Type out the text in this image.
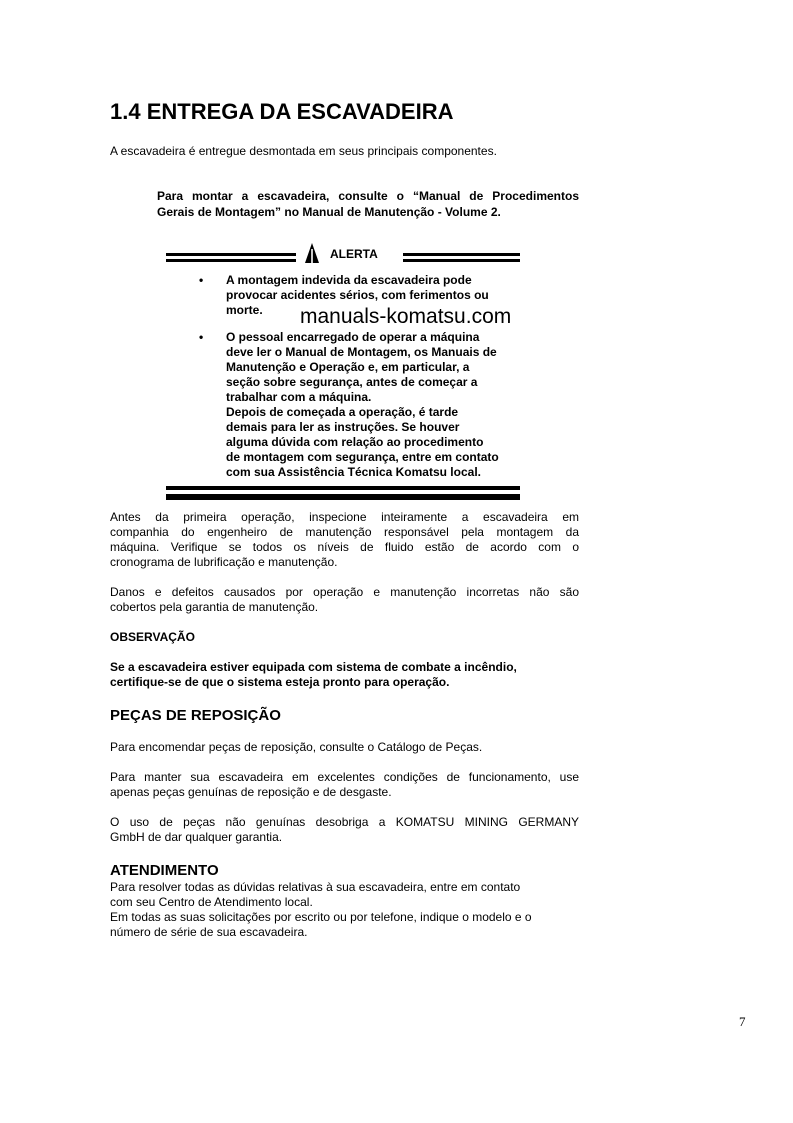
1.4 ENTREGA DA ESCAVADEIRA
A escavadeira é entregue desmontada em seus principais componentes.
Para montar a escavadeira, consulte o “Manual de Procedimentos
Gerais de Montagem” no Manual de Manutenção - Volume 2.
ALERTA
• A montagem indevida da escavadeira pode
provocar acidentes sérios, com ferimentos ou
morte.
• O pessoal encarregado de operar a máquina
deve ler o Manual de Montagem, os Manuais de
Manutenção e Operação e, em particular, a
seção sobre segurança, antes de começar a
trabalhar com a máquina.
Depois de começada a operação, é tarde
demais para ler as instruções. Se houver
alguma dúvida com relação ao procedimento
de montagem com segurança, entre em contato
com sua Assistência Técnica Komatsu local.
manuals-komatsu.com
Antes da primeira operação, inspecione inteiramente a escavadeira em
companhia do engenheiro de manutenção responsável pela montagem da
máquina. Verifique se todos os níveis de fluido estão de acordo com o
cronograma de lubrificação e manutenção.
Danos e defeitos causados por operação e manutenção incorretas não são
cobertos pela garantia de manutenção.
OBSERVAÇÃO
Se a escavadeira estiver equipada com sistema de combate a incêndio,
certifique-se de que o sistema esteja pronto para operação.
PEÇAS DE REPOSIÇÃO
Para encomendar peças de reposição, consulte o Catálogo de Peças.
Para manter sua escavadeira em excelentes condições de funcionamento, use
apenas peças genuínas de reposição e de desgaste.
O uso de peças não genuínas desobriga a KOMATSU MINING GERMANY
GmbH de dar qualquer garantia.
ATENDIMENTO
Para resolver todas as dúvidas relativas à sua escavadeira, entre em contato
com seu Centro de Atendimento local.
Em todas as suas solicitações por escrito ou por telefone, indique o modelo e o
número de série de sua escavadeira.
7
